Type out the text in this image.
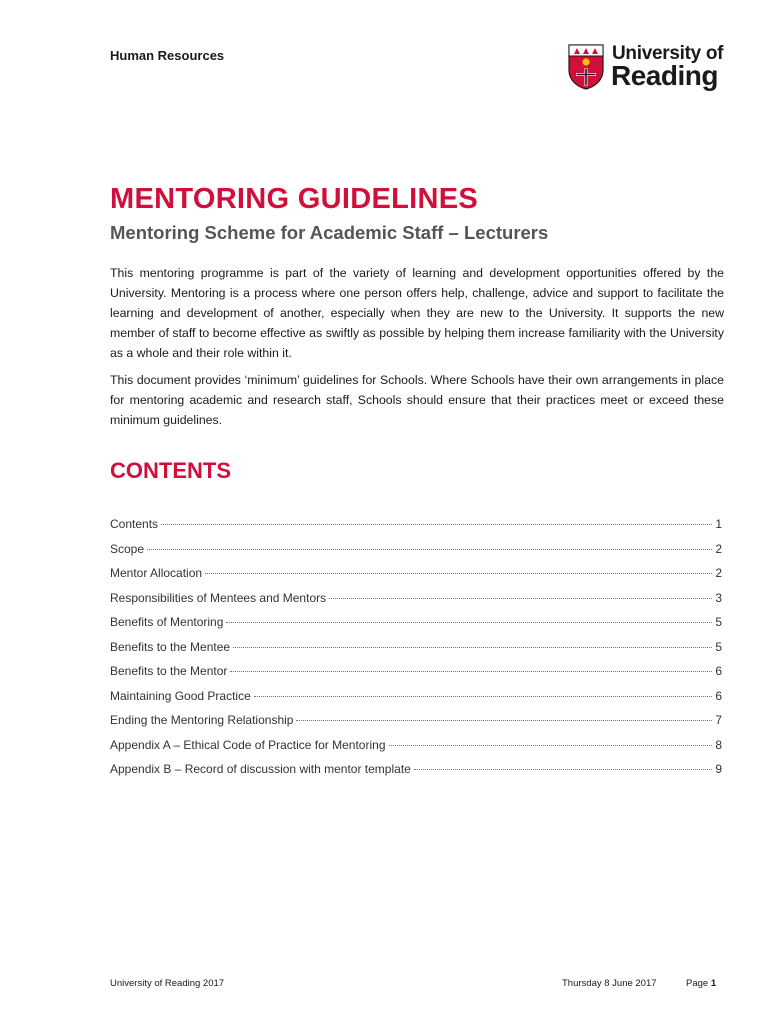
Human Resources	University of
Reading
MENTORING GUIDELINES
Mentoring Scheme for Academic Staff – Lecturers

This mentoring programme is part of the variety of learning and development opportunities offered by the University. Mentoring is a process where one person offers help, challenge, advice and support to facilitate the learning and development of another, especially when they are new to the University. It supports the new member of staff to become effective as swiftly as possible by helping them increase familiarity with the University as a whole and their role within it.

This document provides ‘minimum’ guidelines for Schools. Where Schools have their own arrangements in place for mentoring academic and research staff, Schools should ensure that their practices meet or exceed these minimum guidelines.

CONTENTS
Contents	1
Scope	2
Mentor Allocation	2
Responsibilities of Mentees and Mentors	3
Benefits of Mentoring	5
Benefits to the Mentee	5
Benefits to the Mentor	6
Maintaining Good Practice	6
Ending the Mentoring Relationship	7
Appendix A – Ethical Code of Practice for Mentoring	8
Appendix B – Record of discussion with mentor template	9
University of Reading 2017	Thursday 8 June 2017	Page 1
